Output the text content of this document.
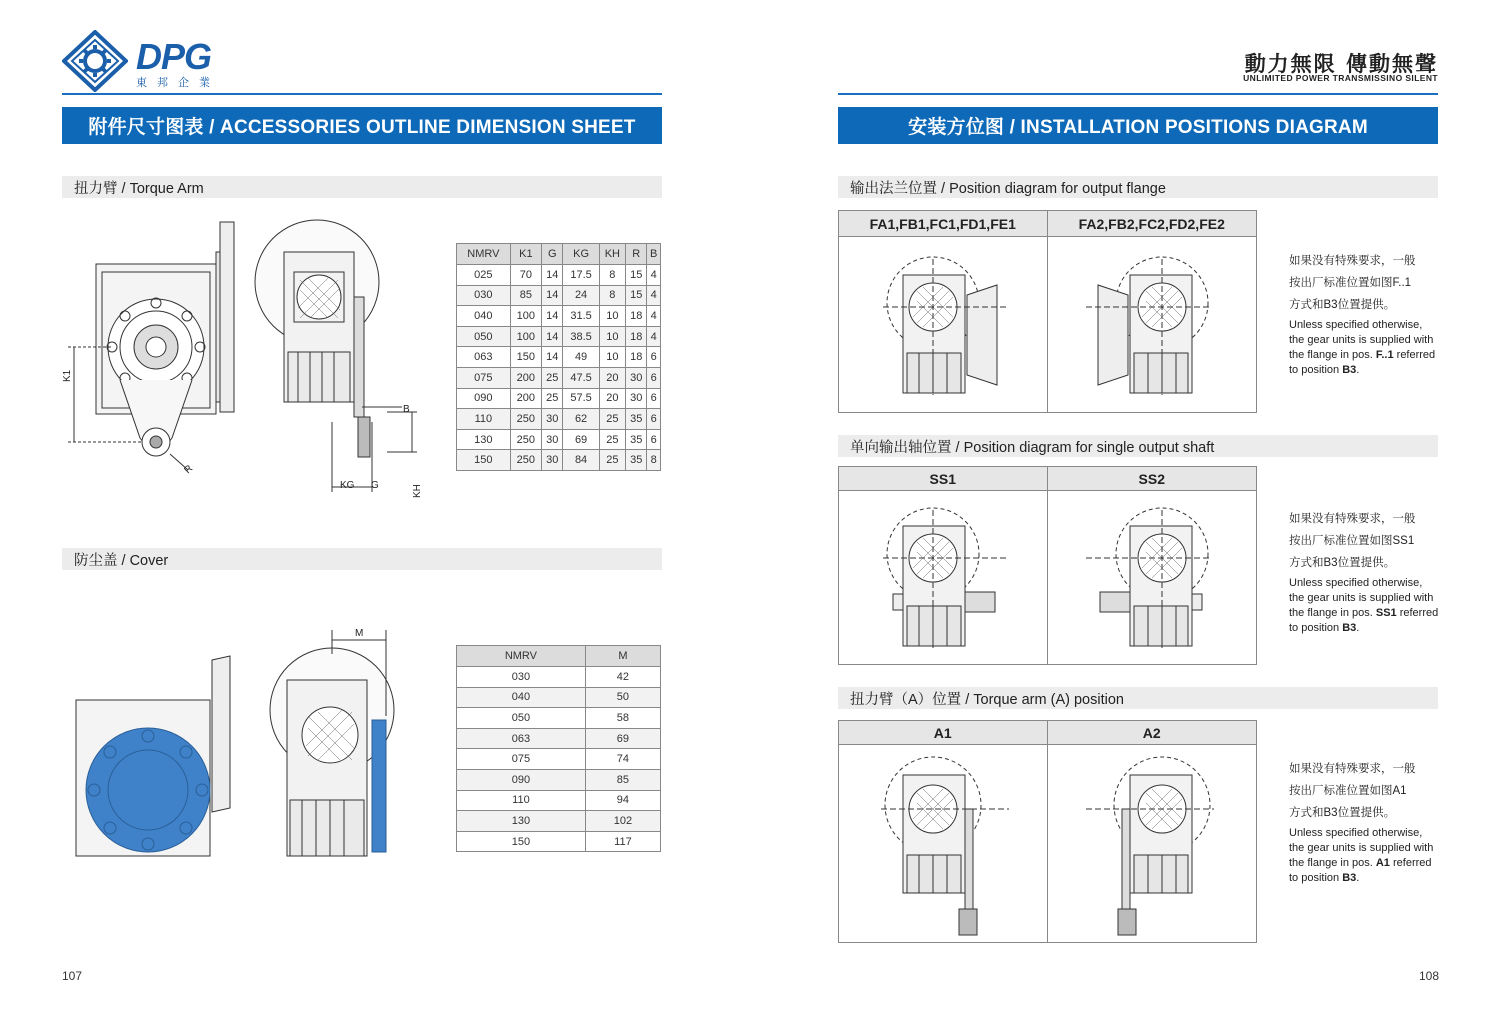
DPG
東邦企業
動力無限 傳動無聲
UNLIMITED POWER TRANSMISSINO SILENT
附件尺寸图表 / ACCESSORIES OUTLINE DIMENSION SHEET
扭力臂 / Torque Arm
K1
R
B
KG G	KH
NMRV	K1	G	KG	KH	R	B
025	70	14	17.5	8	15	4
030	85	14	24	8	15	4
040	100	14	31.5	10	18	4
050	100	14	38.5	10	18	4
063	150	14	49	10	18	6
075	200	25	47.5	20	30	6
090	200	25	57.5	20	30	6
110	250	30	62	25	35	6
130	250	30	69	25	35	6
150	250	30	84	25	35	8
防尘盖 / Cover
M
NMRV	M
030	42
040	50
050	58
063	69
075	74
090	85
110	94
130	102
150	117
107
安装方位图 / INSTALLATION POSITIONS DIAGRAM
输出法兰位置 / Position diagram for output flange
FA1,FB1,FC1,FD1,FE1	FA2,FB2,FC2,FD2,FE2
如果没有特殊要求，一般
按出厂标准位置如图F..1
方式和B3位置提供。
Unless specified otherwise, the gear units is supplied with the flange in pos. F..1 referred to position B3.
单向输出轴位置 / Position diagram for single output shaft
SS1	SS2
如果没有特殊要求，一般
按出厂标准位置如图SS1
方式和B3位置提供。
Unless specified otherwise, the gear units is supplied with the flange in pos. SS1 referred to position B3.
扭力臂（A）位置 / Torque arm (A) position
A1	A2
如果没有特殊要求，一般
按出厂标准位置如图A1
方式和B3位置提供。
Unless specified otherwise, the gear units is supplied with the flange in pos. A1 referred to position B3.
108
